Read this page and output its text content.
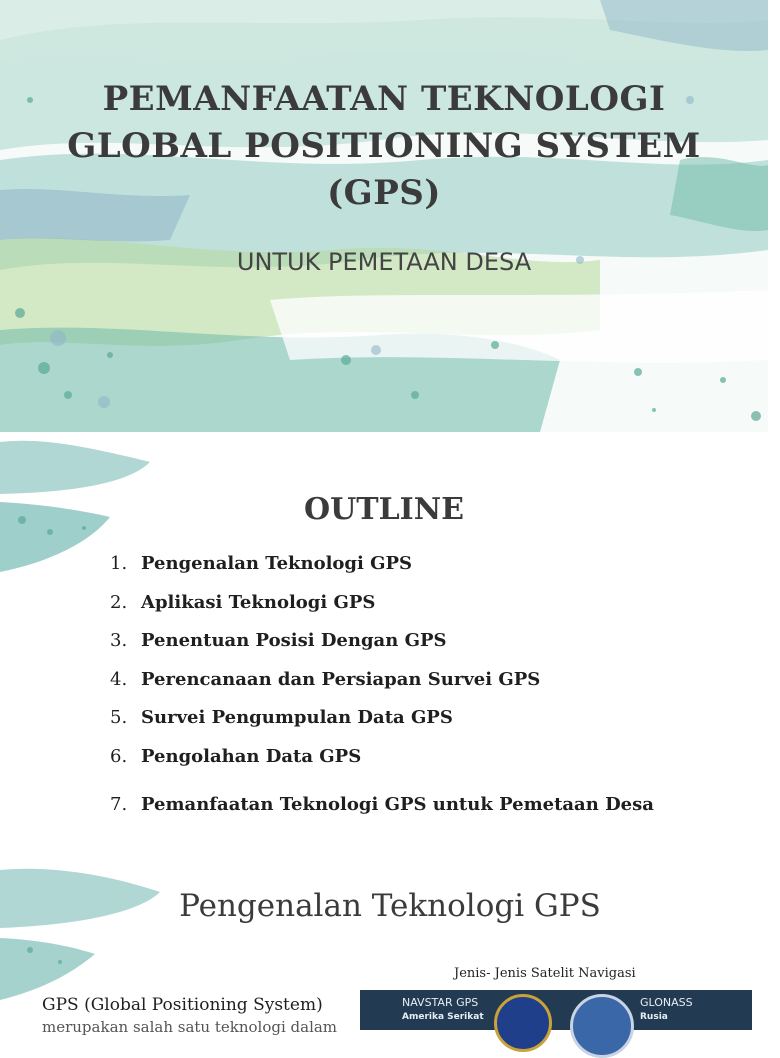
PEMANFAATAN TEKNOLOGI
GLOBAL POSITIONING SYSTEM
(GPS)
UNTUK PEMETAAN DESA
OUTLINE
1. Pengenalan Teknologi GPS
2. Aplikasi Teknologi GPS
3. Penentuan Posisi Dengan GPS
4. Perencanaan dan Persiapan Survei GPS
5. Survei Pengumpulan Data GPS
6. Pengolahan Data GPS
7. Pemanfaatan Teknologi GPS untuk Pemetaan Desa
Pengenalan Teknologi GPS
Jenis- Jenis Satelit Navigasi
GPS (Global Positioning System)
merupakan salah satu teknologi dalam
NAVSTAR GPS
Amerika Serikat
GLONASS
Rusia
